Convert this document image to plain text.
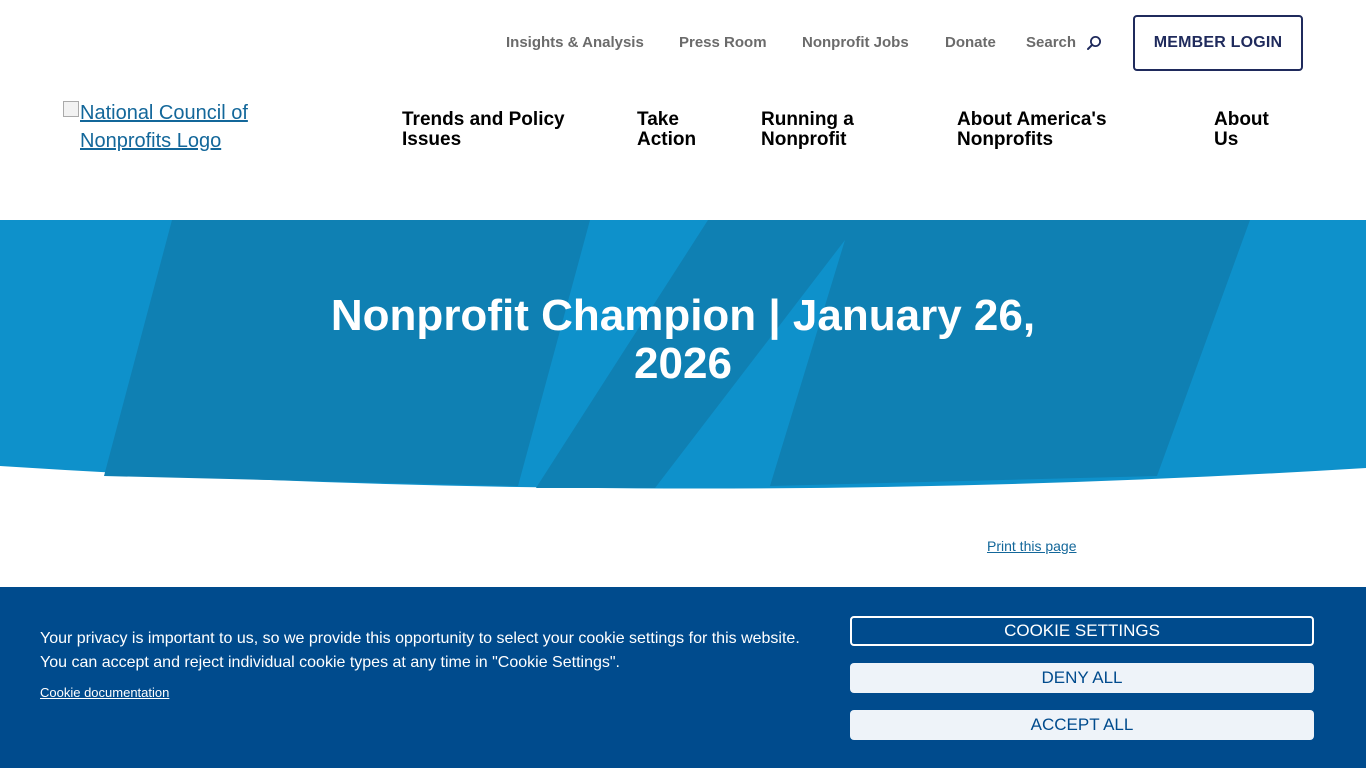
Insights & Analysis Press Room Nonprofit Jobs Donate Search	MEMBER LOGIN
National Council of Nonprofits Logo
Trends and Policy Issues
Take Action
Running a Nonprofit
About America's Nonprofits
About Us
Nonprofit Champion | January 26, 2026
Print this page

Your privacy is important to us, so we provide this opportunity to select your cookie settings for this website. You can accept and reject individual cookie types at any time in "Cookie Settings".

Cookie documentation
COOKIE SETTINGS
DENY ALL
ACCEPT ALL
